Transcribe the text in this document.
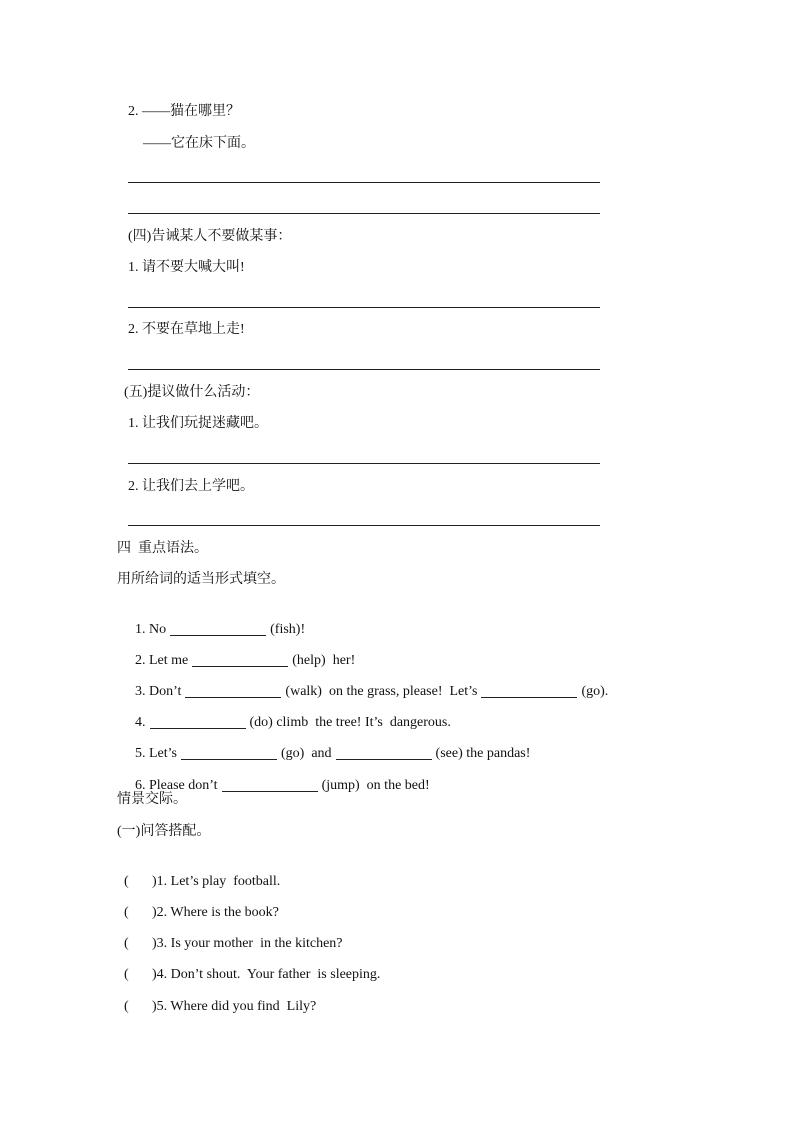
2. ——猫在哪里？
——它在床下面。
(四)告诫某人不要做某事：
1. 请不要大喊大叫!
2. 不要在草地上走!
(五)提议做什么活动：
1. 让我们玩捉迷藏吧。
2. 让我们去上学吧。
四  重点语法。
用所给词的适当形式填空。

1. No	(fish)!

2. Let me	(help)  her!

3. Don’t	(walk)  on the grass, please!  Let’s	(go).

4.	(do) climb  the tree! It’s  dangerous.

5. Let’s	(go)  and	(see) the pandas!

6. Please don’t	(jump)  on the bed!

情景交际。
(一)问答搭配。

( )1. Let’s play  football.

( )2. Where is the book?

( )3. Is your mother  in the kitchen?

( )4. Don’t shout.  Your father  is sleeping.

( )5. Where did you find  Lily?
